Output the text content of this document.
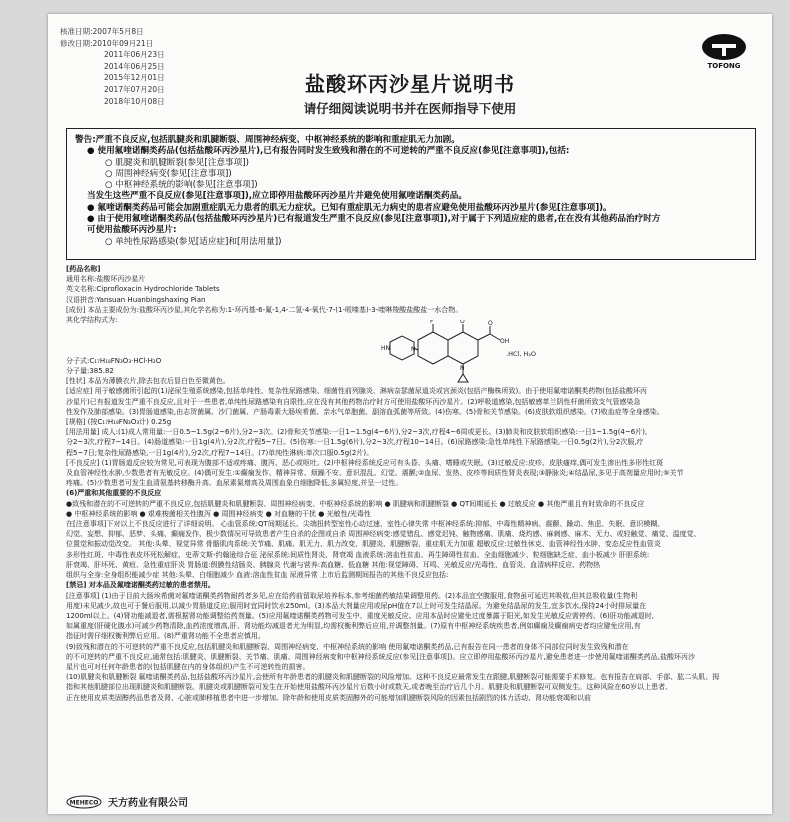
核准日期:2007年5月8日
修改日期:2010年09月21日
2011年06月23日
2014年06月25日
2015年12月01日
2017年07月20日
2018年10月08日
TOFONG
盐酸环丙沙星片说明书
请仔细阅读说明书并在医师指导下使用
警告:严重不良反应,包括肌腱炎和肌腱断裂、周围神经病变、中枢神经系统的影响和重症肌无力加剧。
● 使用氟喹诺酮类药品(包括盐酸环丙沙星片),已有报告同时发生致残和潜在的不可逆转的严重不良反应(参见[注意事项]),包括:
○ 肌腱炎和肌腱断裂(参见[注意事项])
○ 周围神经病变(参见[注意事项])
○ 中枢神经系统的影响(参见[注意事项])
当发生这些严重不良反应(参见[注意事项]),应立即停用盐酸环丙沙星片并避免使用氟喹诺酮类药品。
● 氟喹诺酮类药品可能会加剧重症肌无力患者的肌无力症状。已知有重症肌无力病史的患者应避免使用盐酸环丙沙星片(参见[注意事项])。
● 由于使用氟喹诺酮类药品(包括盐酸环丙沙星片)已有报道发生严重不良反应(参见[注意事项]),对于属于下列适应症的患者,在在没有其他药品治疗时方
可使用盐酸环丙沙星片:
○ 单纯性尿路感染(参见[适应症]和[用法用量])

[药品名称]

通用名称:盐酸环丙沙星片

英文名称:Ciprofloxacin Hydrochloride Tablets

汉语拼音:Yansuan Huanbingshaxing Pian

[成份] 本品主要成份为:盐酸环丙沙星,其化学名称为:1-环丙基-6-氟-1,4-二氢-4-氧代-7-(1-哌嗪基)-3-喹啉羧酸盐酸盐一水合物。

其化学结构式为:

分子式:C₁₇H₁₈FN₃O₃·HCl·H₂O

分子量:385.82

[性状] 本品为薄膜衣片,除去包衣后显白色至微黄色。

[适应症] 用于敏感菌所引起的(1)泌尿生殖系统感染,包括单纯性、复杂性尿路感染、细菌性前列腺炎、淋病奈瑟菌尿道炎或宫颈炎(包括产酶株所致)。由于使用氟喹诺酮类药物(包括盐酸环丙

沙星片)已有报道发生严重不良反应,且对于一些患者,单纯性尿路感染有自限性,应在没有其他药物治疗时方可使用盐酸环丙沙星片。(2)呼吸道感染,包括敏感革兰阴性杆菌所致支气管感染急

性发作及肺部感染。(3)胃肠道感染,由志贺菌属、沙门菌属、产肠毒素大肠埃希菌、亲水气单胞菌、副溶血弧菌等所致。(4)伤寒。(5)骨和关节感染。(6)皮肤软组织感染。(7)败血症等全身感染。

[规格] (按C₁₇H₁₈FN₃O₃计) 0.25g

[用法用量] 成人:(1)成人常用量:一日0.5~1.5g(2~6片),分2~3次。(2)骨和关节感染:一日1~1.5g(4~6片),分2~3次,疗程4~6周或更长。(3)肺炎和皮肤软组织感染:一日1~1.5g(4~6片),

分2~3次,疗程7~14日。(4)肠道感染:一日1g(4片),分2次,疗程5~7日。(5)伤寒:一日1.5g(6片),分2~3次,疗程10~14日。(6)尿路感染:急性单纯性下尿路感染,一日0.5g(2片),分2次服,疗

程5~7日;复杂性尿路感染,一日1g(4片),分2次,疗程7~14日。(7)单纯性淋病:单次口服0.5g(2片)。

[不良反应] (1)胃肠道反应较为常见,可表现为腹部不适或疼痛、腹泻、恶心或呕吐。(2)中枢神经系统反应可有头昏、头痛、嗜睡或失眠。(3)过敏反应:皮疹、皮肤瘙痒,偶可发生渗出性多形性红斑

及血管神经性水肿,少数患者有光敏反应。(4)偶可发生:①癫痫发作、精神异常、烦躁不安、意识混乱、幻觉、震颤;②血尿、发热、皮疹等间质性肾炎表现;③静脉炎;④结晶尿,多见于高剂量应用时;⑤关节

疼痛。(5)少数患者可发生血清氨基转移酶升高、血尿素氮增高及周围血象白细胞降低,多属轻度,并呈一过性。

(6)严重和其他重要的不良反应

●致残和潜在的不可逆转的严重不良反应,包括肌腱炎和肌腱断裂、周围神经病变、中枢神经系统的影响 ● 肌腱病和肌腱断裂 ● QT间期延长 ● 过敏反应 ● 其他严重且有时致命的不良反应

● 中枢神经系统的影响 ● 艰难梭菌相关性腹泻 ● 周围神经病变 ● 对血糖的干扰 ● 光敏性/光毒性

在[注意事项]下对以上不良反应进行了详细说明。 心血管系统:QT间期延长、尖端扭转型室性心动过速、室性心律失常 中枢神经系统:抑郁、中毒性精神病、震颤、躁动、焦虑、失眠、意识模糊、

幻觉、妄想、抑郁、恶梦、头痛、癫痫发作、极少数情况可导致患者产生自杀的企图或自杀 周围神经病变:感觉错乱、感觉迟钝、触物感痛、肌痛、烧灼感、麻刺感、麻木、无力、或轻触觉、痛觉、温度觉、

位置觉和振动觉改变。 其他:头晕、视觉异常 骨骼肌肉系统:关节痛、肌痛、肌无力、肌力改变、肌腱炎、肌腱断裂、重症肌无力加重 超敏反应:过敏性休克、血管神经性水肿、变态反应性血管炎

多形性红斑、中毒性表皮坏死松解症、史蒂文斯-约翰逊综合征 泌尿系统:间质性肾炎、肾衰竭 血液系统:溶血性贫血、再生障碍性贫血、全血细胞减少、粒细胞缺乏症、血小板减少 肝胆系统:

肝衰竭、肝坏死、黄疸、急性重症肝炎 胃肠道:假膜性结肠炎、胰腺炎 代谢与营养:高血糖、低血糖 其他:视觉障碍、耳鸣、光敏反应/光毒性、血管炎、血清病样反应、药物热

组织与全身:全身组织能减少症 其他:头晕、白细胞减少 血液:溶血性贫血 尿液异常 上市后监测期间报告的其他不良反应包括:

[禁忌] 对本品及氟喹诺酮类药过敏的患者禁用。

[注意事项] (1)由于目前大肠埃希菌对氟喹诺酮类药物耐药者多见,应在给药前留取尿培养标本,参考细菌药敏结果调整用药。(2)本品宜空腹服用,食物虽可延迟其吸收,但其总吸收量(生物利

用度)未见减少,故也可于餐后服用,以减少胃肠道反应;服用时宜同时饮水250ml。(3)本品大剂量应用或尿pH值在7以上时可发生结晶尿。为避免结晶尿的发生,宜多饮水,保持24小时排尿量在

1200ml以上。(4)肾功能减退者,需根据肾功能调整给药剂量。(5)应用氟喹诺酮类药物可发生中、重度光敏反应。应用本品时应避免过度暴露于阳光,如发生光敏反应需停药。(6)肝功能减退时,

如属重度(肝硬化腹水)可减少药物清除,血药浓度增高,肝、肾功能均减退者尤为明显,均需权衡利弊后应用,并调整剂量。(7)原有中枢神经系统疾患者,例如癫痫及癫痫病史者均应避免应用,有

指征时需仔细权衡利弊后应用。(8)严重肾功能不全患者应慎用。

(9)致残和潜在的不可逆转的严重不良反应,包括肌腱炎和肌腱断裂、周围神经病变、中枢神经系统的影响 使用氟喹诺酮类药品,已有报告在同一患者的身体不同部位同时发生致残和潜在

的不可逆转的严重不良反应,通常包括:肌腱炎、肌腱断裂、关节痛、肌痛、周围神经病变和中枢神经系统反应(参见[注意事项])。应立即停用盐酸环丙沙星片,避免患者进一步使用氟喹诺酮类药品,盐酸环丙沙

星片也可对任何年龄患者的(包括肌腱在内的身体组织)产生不可逆转性的损害。

(10)肌腱炎和肌腱断裂 氟喹诺酮类药品,包括盐酸环丙沙星片,会使所有年龄患者的肌腱炎和肌腱断裂的风险增加。这种不良反应最常发生在跟腱,肌腱断裂可能需要手术修复。也有报告在肩部、手部、肱二头肌、拇

指和其他肌腱部位出现肌腱炎和肌腱断裂。肌腱炎或肌腱断裂可发生在开始使用盐酸环丙沙星片后数小时或数天,或者晚至治疗后几个月。肌腱炎和肌腱断裂可双侧发生。这种风险在60岁以上患者、

正在使用皮质类固醇药品患者及肾、心脏或肺移植患者中进一步增加。除年龄和使用皮质类固醇外的可能增加肌腱断裂风险的因素包括剧烈的体力活动、肾功能衰竭和以前

F	O	O
OH
N
HN	N
.HCl, H₂O
MEHECO 天方药业有限公司
